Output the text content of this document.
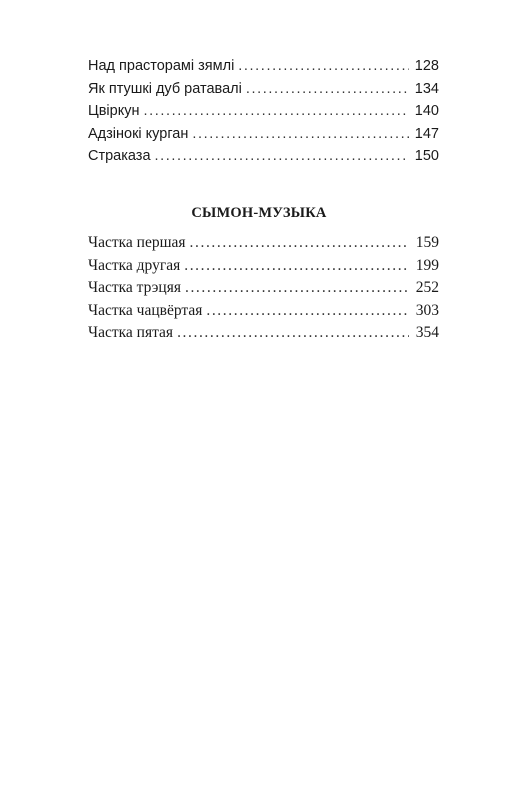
Над прасторамі зямлі .....	128
Як птушкі дуб ратавалі .....	134
Цвіркун .....	140
Адзінокі курган .....	147
Страказа .....	150
СЫМОН-МУЗЫКА
Частка першая .....	159
Частка другая .....	199
Частка трэцяя .....	252
Частка чацвёртая .....	303
Частка пятая .....	354
